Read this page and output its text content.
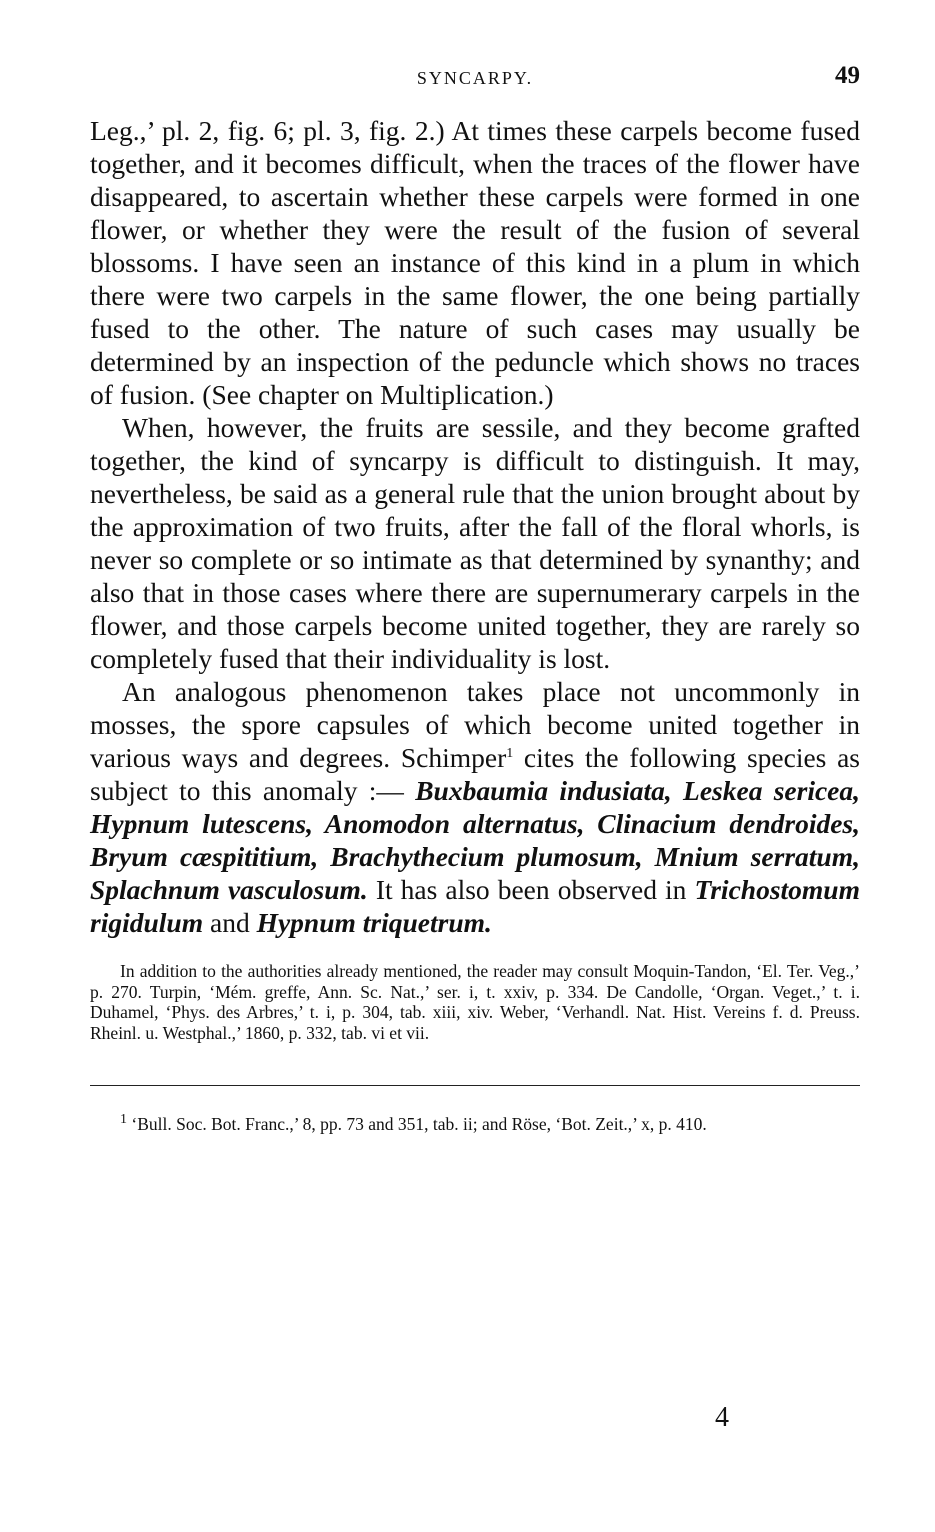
SYNCARPY.	49

Leg.,’ pl. 2, fig. 6; pl. 3, fig. 2.) At times these carpels become fused together, and it becomes difficult, when the traces of the flower have disappeared, to ascertain whether these carpels were formed in one flower, or whether they were the result of the fusion of several blossoms. I have seen an instance of this kind in a plum in which there were two carpels in the same flower, the one being partially fused to the other. The nature of such cases may usually be determined by an inspection of the peduncle which shows no traces of fusion. (See chapter on Multiplication.)

When, however, the fruits are sessile, and they become grafted together, the kind of syncarpy is difficult to distinguish. It may, nevertheless, be said as a general rule that the union brought about by the approximation of two fruits, after the fall of the floral whorls, is never so complete or so intimate as that determined by synanthy; and also that in those cases where there are supernumerary carpels in the flower, and those carpels become united together, they are rarely so completely fused that their individuality is lost.

An analogous phenomenon takes place not uncommonly in mosses, the spore capsules of which become united together in various ways and degrees. Schimper$^1$ cites the following species as subject to this anomaly :— Buxbaumia indusiata, Leskea sericea, Hypnum lutescens, Anomodon alternatus, Clinacium dendroides, Bryum cæspititium, Brachythecium plumosum, Mnium serratum, Splachnum vasculosum. It has also been observed in Trichostomum rigidulum and Hypnum triquetrum.

In addition to the authorities already mentioned, the reader may consult Moquin-Tandon, ‘El. Ter. Veg.,’ p. 270. Turpin, ‘Mém. greffe, Ann. Sc. Nat.,’ ser. i, t. xxiv, p. 334. De Candolle, ‘Organ. Veget.,’ t. i. Duhamel, ‘Phys. des Arbres,’ t. i, p. 304, tab. xiii, xiv. Weber, ‘Verhandl. Nat. Hist. Vereins f. d. Preuss. Rheinl. u. Westphal.,’ 1860, p. 332, tab. vi et vii.
$^1$ ‘Bull. Soc. Bot. Franc.,’ 8, pp. 73 and 351, tab. ii; and Röse, ‘Bot. Zeit.,’ x, p. 410.
4
